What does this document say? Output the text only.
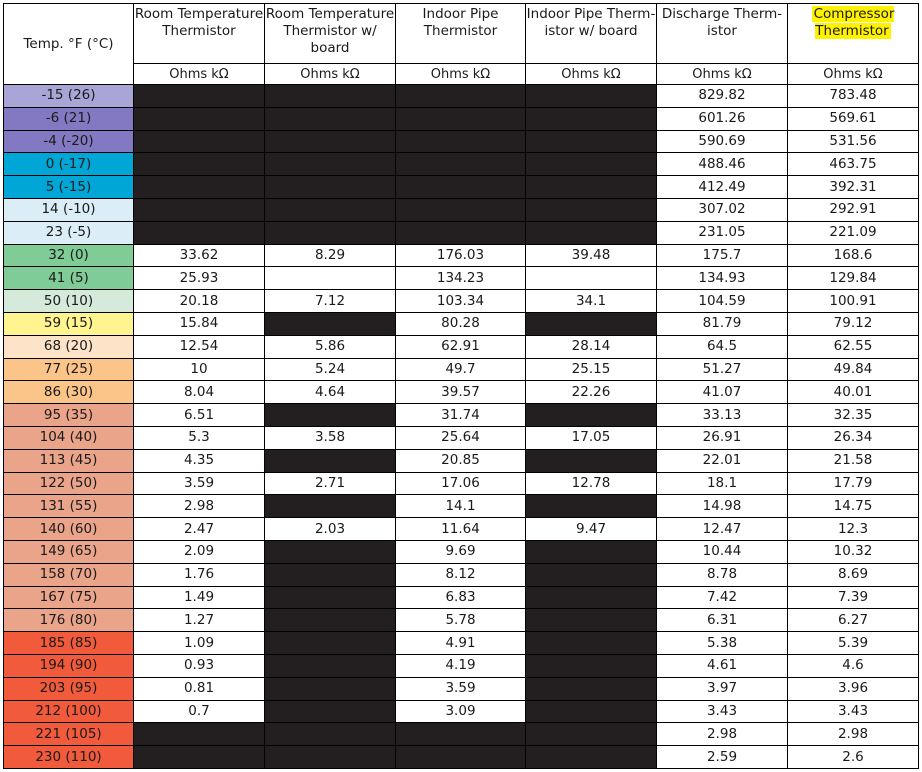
Temp. °F (°C)	Room Temperature Thermistor	Room Temperature Thermistor w/ board	Indoor Pipe Thermistor	Indoor Pipe Therm-istor w/ board	Discharge Therm-istor	Compressor Thermistor
	Ohms kΩ	Ohms kΩ	Ohms kΩ	Ohms kΩ	Ohms kΩ	Ohms kΩ
-15 (26)					829.82	783.48
-6 (21)					601.26	569.61
-4 (-20)					590.69	531.56
0 (-17)					488.46	463.75
5 (-15)					412.49	392.31
14 (-10)					307.02	292.91
23 (-5)					231.05	221.09
32 (0)	33.62	8.29	176.03	39.48	175.7	168.6
41 (5)	25.93		134.23		134.93	129.84
50 (10)	20.18	7.12	103.34	34.1	104.59	100.91
59 (15)	15.84		80.28		81.79	79.12
68 (20)	12.54	5.86	62.91	28.14	64.5	62.55
77 (25)	10	5.24	49.7	25.15	51.27	49.84
86 (30)	8.04	4.64	39.57	22.26	41.07	40.01
95 (35)	6.51		31.74		33.13	32.35
104 (40)	5.3	3.58	25.64	17.05	26.91	26.34
113 (45)	4.35		20.85		22.01	21.58
122 (50)	3.59	2.71	17.06	12.78	18.1	17.79
131 (55)	2.98		14.1		14.98	14.75
140 (60)	2.47	2.03	11.64	9.47	12.47	12.3
149 (65)	2.09		9.69		10.44	10.32
158 (70)	1.76		8.12		8.78	8.69
167 (75)	1.49		6.83		7.42	7.39
176 (80)	1.27		5.78		6.31	6.27
185 (85)	1.09		4.91		5.38	5.39
194 (90)	0.93		4.19		4.61	4.6
203 (95)	0.81		3.59		3.97	3.96
212 (100)	0.7		3.09		3.43	3.43
221 (105)					2.98	2.98
230 (110)					2.59	2.6
